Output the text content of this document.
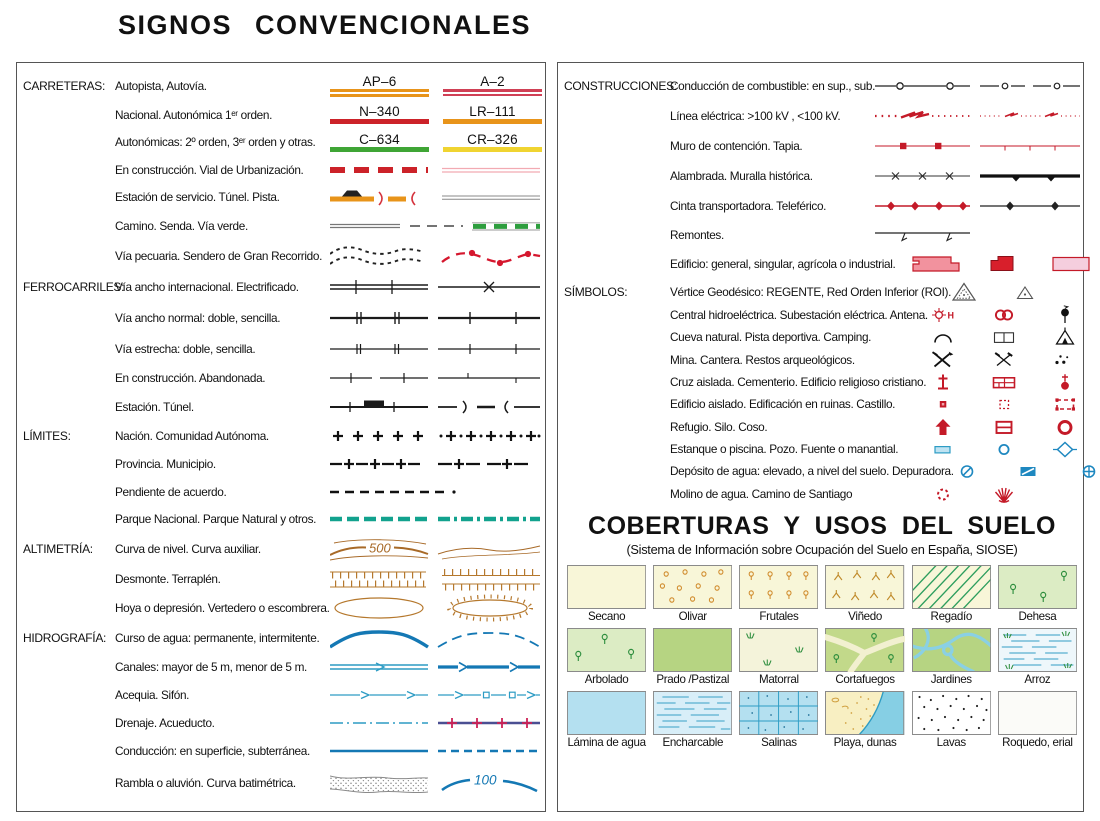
SIGNOS CONVENCIONALES
CARRETERAS: Autopista, Autovía.	AP–6	A–2
Nacional. Autonómica 1ᵉʳ orden.	N–340	LR–111
Autonómicas: 2º orden, 3ᵉʳ orden y otras.	C–634	CR–326
En construcción. Vial de Urbanización.
Estación de servicio. Túnel. Pista.
Camino. Senda. Vía verde.
Vía pecuaria. Sendero de Gran Recorrido.
FERROCARRILES:
Vía ancho internacional. Electrificado.
Vía ancho normal: doble, sencilla.
Vía estrecha: doble, sencilla.
En construcción. Abandonada.
Estación. Túnel.
LÍMITES:	Nación. Comunidad Autónoma.
Provincia. Municipio.
Pendiente de acuerdo.
Parque Nacional. Parque Natural y otros.
ALTIMETRÍA:	Curva de nivel. Curva auxiliar.	500
Desmonte. Terraplén.
Hoya o depresión. Vertedero o escombrera.
HIDROGRAFÍA: Curso de agua: permanente, intermitente.
Canales: mayor de 5 m, menor de 5 m.
Acequia. Sifón.
Drenaje. Acueducto.
Conducción: en superficie, subterránea.
Rambla o aluvión. Curva batimétrica.	100
CONSTRUCCIONES:
Conducción de combustible: en sup., sub.
Línea eléctrica: >100 kV , <100 kV.
Muro de contención. Tapia.
Alambrada. Muralla histórica.
Cinta transportadora. Teleférico.
Remontes.
Edificio: general, singular, agrícola o industrial.
SÍMBOLOS:	Vértice Geodésico: REGENTE, Red Orden Inferior (ROI).
Central hidroeléctrica. Subestación eléctrica. Antena. H
Cueva natural. Pista deportiva. Camping.
Mina. Cantera. Restos arqueológicos.
Cruz aislada. Cementerio. Edificio religioso cristiano.
Edificio aislado. Edificación en ruinas. Castillo.
Refugio. Silo. Coso.
Estanque o piscina. Pozo. Fuente o manantial.
Depósito de agua: elevado, a nivel del suelo. Depuradora.
Molino de agua. Camino de Santiago
COBERTURAS Y USOS DEL SUELO
(Sistema de Información sobre Ocupación del Suelo en España, SIOSE)
Secano	Olivar	Frutales	Viñedo	Regadío	Dehesa
Arbolado	Prado /Pastizal	Matorral	Cortafuegos	Jardines	Arroz
Lámina de agua	Encharcable	Salinas	Playa, dunas	Lavas	Roquedo, erial
